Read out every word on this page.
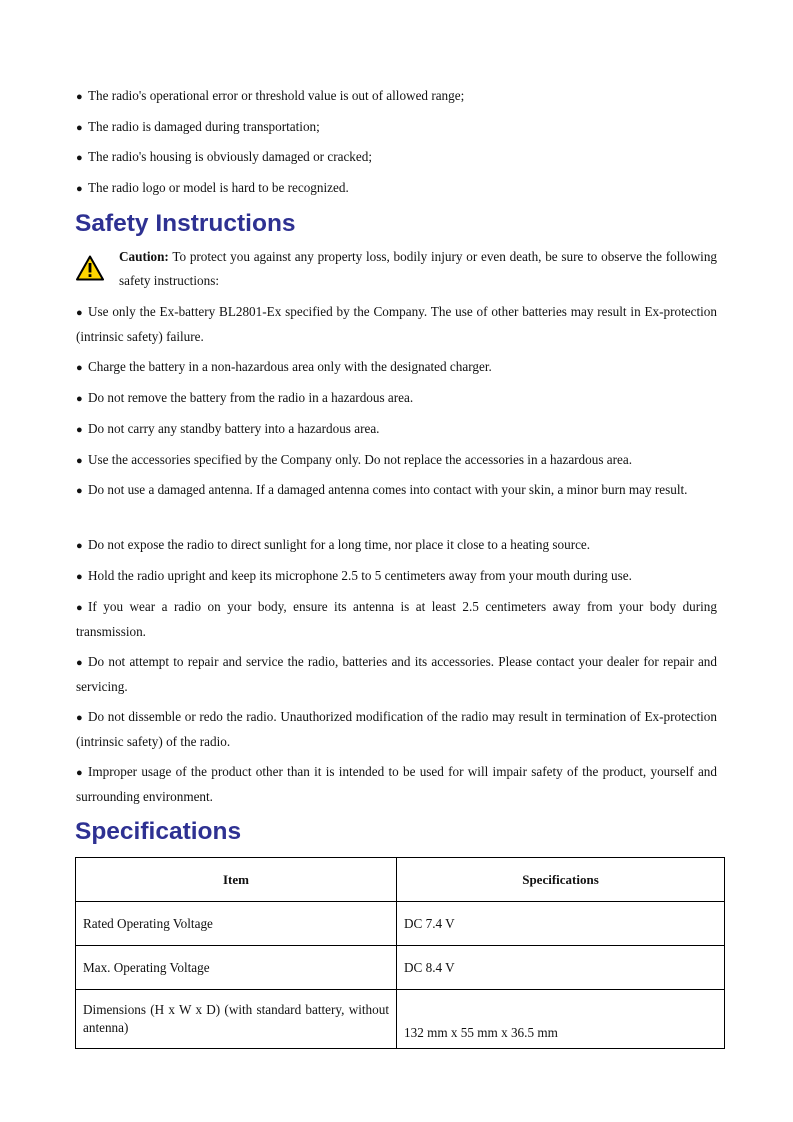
● The radio's operational error or threshold value is out of allowed range;

● The radio is damaged during transportation;

● The radio's housing is obviously damaged or cracked;

● The radio logo or model is hard to be recognized.

Safety Instructions

Caution: To protect you against any property loss, bodily injury or even death, be sure to observe the following safety instructions:

● Use only the Ex-battery BL2801-Ex specified by the Company. The use of other batteries may result in Ex-protection (intrinsic safety) failure.

● Charge the battery in a non-hazardous area only with the designated charger.

● Do not remove the battery from the radio in a hazardous area.

● Do not carry any standby battery into a hazardous area.

● Use the accessories specified by the Company only. Do not replace the accessories in a hazardous area.

● Do not use a damaged antenna. If a damaged antenna comes into contact with your skin, a minor burn may result.

● Do not expose the radio to direct sunlight for a long time, nor place it close to a heating source.

● Hold the radio upright and keep its microphone 2.5 to 5 centimeters away from your mouth during use.

● If you wear a radio on your body, ensure its antenna is at least 2.5 centimeters away from your body during transmission.

● Do not attempt to repair and service the radio, batteries and its accessories. Please contact your dealer for repair and servicing.

● Do not dissemble or redo the radio. Unauthorized modification of the radio may result in termination of Ex-protection (intrinsic safety) of the radio.

● Improper usage of the product other than it is intended to be used for will impair safety of the product, yourself and surrounding environment.

Specifications
Item	Specifications
Rated Operating Voltage	DC 7.4 V
Max. Operating Voltage	DC 8.4 V
Dimensions (H x W x D) (with standard battery, without antenna)	132 mm x 55 mm x 36.5 mm
